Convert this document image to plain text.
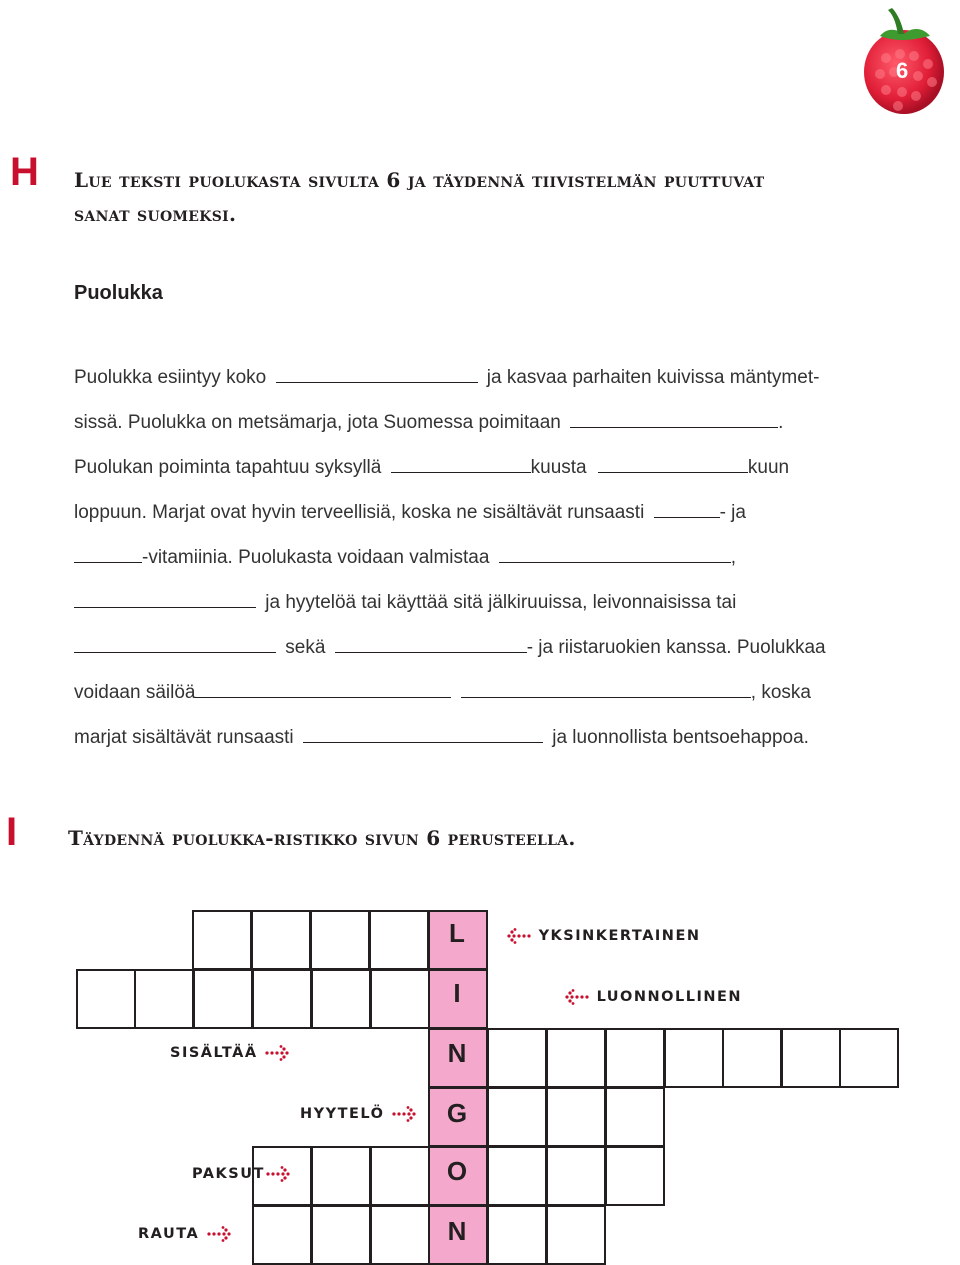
6
H Lue teksti puolukasta sivulta 6 ja täydennä tiivistelmän puuttuvat
sanat suomeksi.
Puolukka
Puolukka esiintyy koko	ja kasvaa parhaiten kuivissa mäntymet-
sissä. Puolukka on metsämarja, jota Suomessa poimitaan	.
Puolukan poiminta tapahtuu syksyllä	kuusta	kuun
loppuun. Marjat ovat hyvin terveellisiä, koska ne sisältävät runsaasti	- ja
-vitamiinia. Puolukasta voidaan valmistaa	,
ja hyytelöä tai käyttää sitä jälkiruuissa, leivonnaisissa tai
sekä	- ja riistaruokien kanssa. Puolukkaa
voidaan säilöä	, koska
marjat sisältävät runsaasti	ja luonnollista bentsoehappoa.
I	Täydennä puolukka-ristikko sivun 6 perusteella.
L
I
N
G
O
N
YKSINKERTAINEN
LUONNOLLINEN
SISÄLTÄÄ
HYYTELÖ
PAKSUT
RAUTA
